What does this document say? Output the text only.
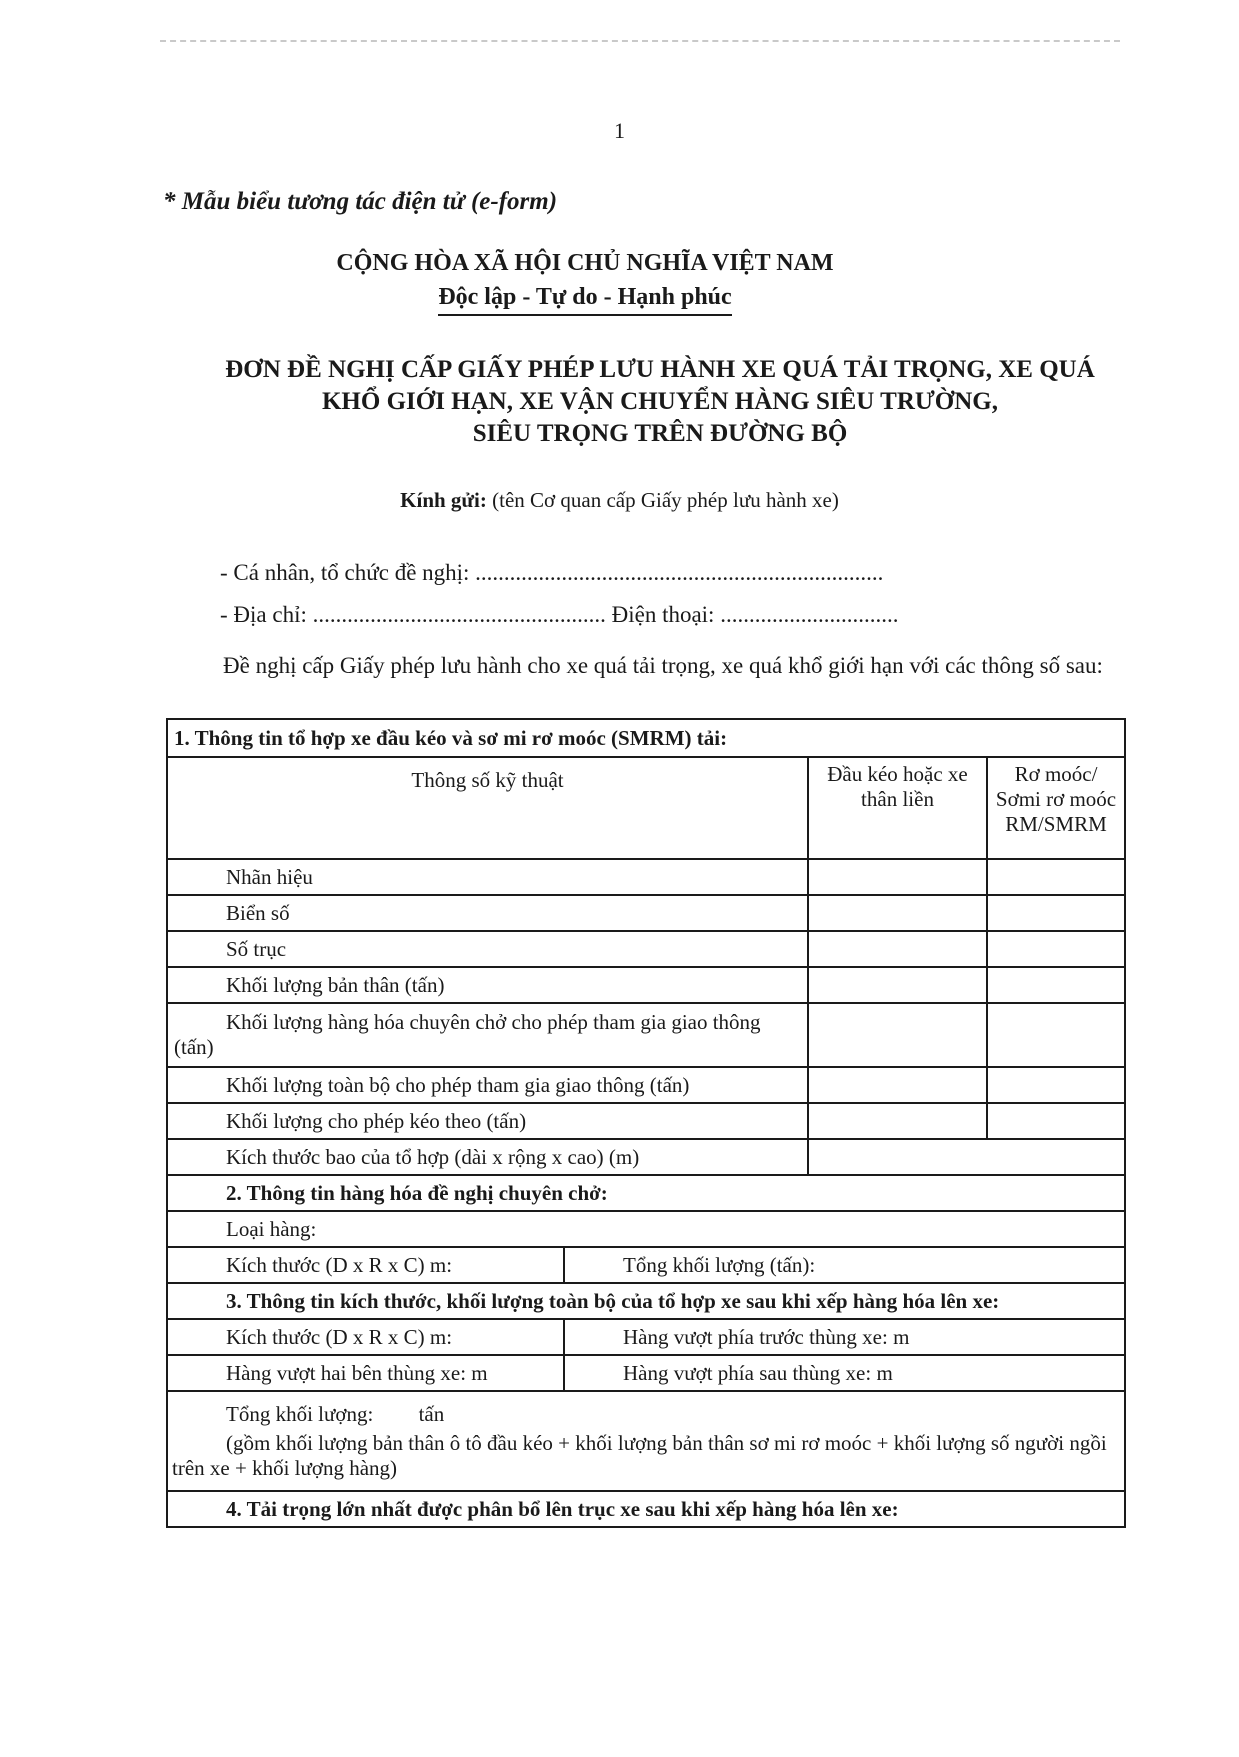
1
* Mẫu biểu tương tác điện tử (e-form)
CỘNG HÒA XÃ HỘI CHỦ NGHĨA VIỆT NAM
Độc lập - Tự do - Hạnh phúc
ĐƠN ĐỀ NGHỊ CẤP GIẤY PHÉP LƯU HÀNH XE QUÁ TẢI TRỌNG, XE QUÁ
KHỔ GIỚI HẠN, XE VẬN CHUYỂN HÀNG SIÊU TRƯỜNG,
SIÊU TRỌNG TRÊN ĐƯỜNG BỘ
Kính gửi: (tên Cơ quan cấp Giấy phép lưu hành xe)
- Cá nhân, tổ chức đề nghị: .......................................................................
- Địa chỉ: ................................................... Điện thoại: ...............................
Đề nghị cấp Giấy phép lưu hành cho xe quá tải trọng, xe quá khổ giới hạn với các thông số sau:
1. Thông tin tổ hợp xe đầu kéo và sơ mi rơ moóc (SMRM) tải:			
Thông số kỹ thuật		Đầu kéo hoặc xe thân liền	Rơ moóc/ Sơmi rơ moóc RM/SMRM
Nhãn hiệu			
Biển số			
Số trục			
Khối lượng bản thân (tấn)			
Khối lượng hàng hóa chuyên chở cho phép tham gia giao thông (tấn)			
Khối lượng toàn bộ cho phép tham gia giao thông (tấn)			
Khối lượng cho phép kéo theo (tấn)			
Kích thước bao của tổ hợp (dài x rộng x cao) (m)			
2. Thông tin hàng hóa đề nghị chuyên chở:			
Loại hàng:			
Kích thước (D x R x C) m:	Tổng khối lượng (tấn):		
3. Thông tin kích thước, khối lượng toàn bộ của tổ hợp xe sau khi xếp hàng hóa lên xe:			
Kích thước (D x R x C) m:	Hàng vượt phía trước thùng xe: m		
Hàng vượt hai bên thùng xe: m	Hàng vượt phía sau thùng xe: m		

Tổng khối lượng: tấn
(gồm khối lượng bản thân ô tô đầu kéo + khối lượng bản thân sơ mi rơ moóc + khối lượng số người ngồi trên xe + khối lượng hàng)			

4. Tải trọng lớn nhất được phân bổ lên trục xe sau khi xếp hàng hóa lên xe:			
